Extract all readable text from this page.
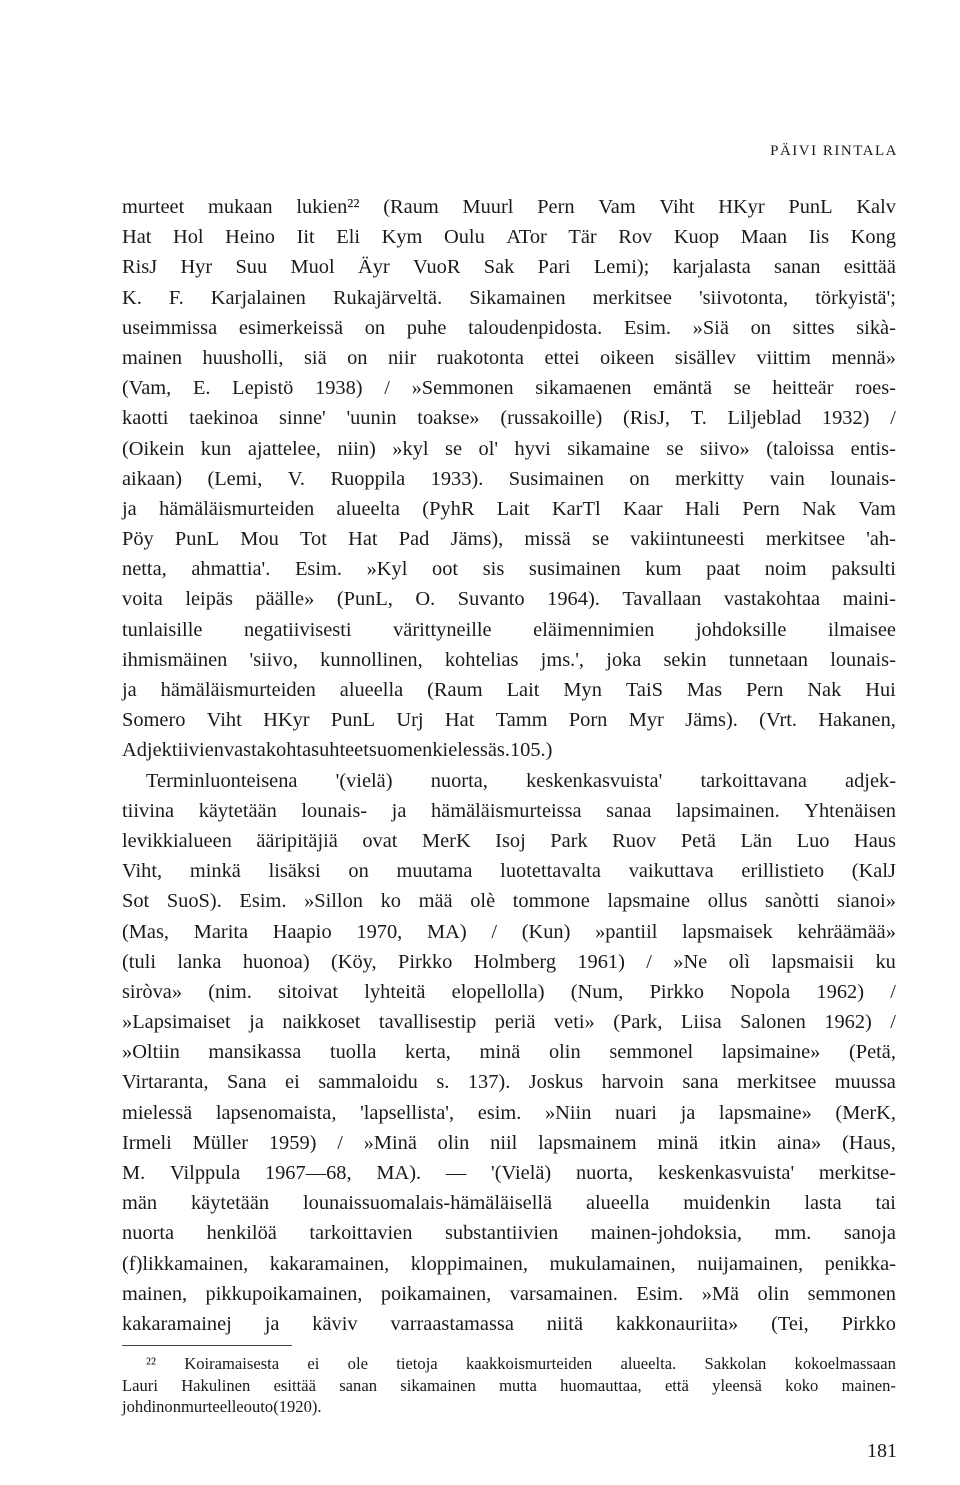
PÄIVI RINTALA
murteet mukaan lukien²² (Raum Muurl Pern Vam Viht HKyr PunL Kalv
Hat Hol Heino Iit Eli Kym Oulu ATor Tär Rov Kuop Maan Iis Kong
RisJ Hyr Suu Muol Äyr VuoR Sak Pari Lemi); karjalasta sanan esittää
K. F. Karjalainen Rukajärveltä. Sikamainen merkitsee 'siivotonta, törkyistä';
useimmissa esimerkeissä on puhe taloudenpidosta. Esim. »Siä on sittes sikà-
mainen huusholli, siä on niir ruakotonta ettei oikeen sisällev viittim mennä»
(Vam, E. Lepistö 1938) / »Semmonen sikamaenen emäntä se heitteär roes-
kaotti taekinoa sinne' 'uunin toakse» (russakoille) (RisJ, T. Liljeblad 1932) /
(Oikein kun ajattelee, niin) »kyl se ol' hyvi sikamaine se siivo» (taloissa entis-
aikaan) (Lemi, V. Ruoppila 1933). Susimainen on merkitty vain lounais-
ja hämäläismurteiden alueelta (PyhR Lait KarTl Kaar Hali Pern Nak Vam
Pöy PunL Mou Tot Hat Pad Jäms), missä se vakiintuneesti merkitsee 'ah-
netta, ahmattia'. Esim. »Kyl oot sis susimainen kum paat noim paksulti
voita leipäs päälle» (PunL, O. Suvanto 1964). Tavallaan vastakohtaa maini-
tunlaisille negatiivisesti värittyneille eläimennimien johdoksille ilmaisee
ihmismäinen 'siivo, kunnollinen, kohtelias jms.', joka sekin tunnetaan lounais-
ja hämäläismurteiden alueella (Raum Lait Myn TaiS Mas Pern Nak Hui
Somero Viht HKyr PunL Urj Hat Tamm Porn Myr Jäms). (Vrt. Hakanen,
Adjektiivien vastakohtasuhteet suomen kielessä s. 105.)
Terminluonteisena '(vielä) nuorta, keskenkasvuista' tarkoittavana adjek-
tiivina käytetään lounais- ja hämäläismurteissa sanaa lapsimainen. Yhtenäisen
levikkialueen ääripitäjiä ovat MerK Isoj Park Ruov Petä Län Luo Haus
Viht, minkä lisäksi on muutama luotettavalta vaikuttava erillistieto (KalJ
Sot SuoS). Esim. »Sillon ko mää olè tommone lapsmaine ollus sanòtti sianoi»
(Mas, Marita Haapio 1970, MA) / (Kun) »pantiil lapsmaisek kehräämää»
(tuli lanka huonoa) (Köy, Pirkko Holmberg 1961) / »Ne olì lapsmaisii ku
siròva» (nim. sitoivat lyhteitä elopellolla) (Num, Pirkko Nopola 1962) /
»Lapsimaiset ja naikkoset tavallisestip periä veti» (Park, Liisa Salonen 1962) /
»Oltiin mansikassa tuolla kerta, minä olin semmonel lapsimaine» (Petä,
Virtaranta, Sana ei sammaloidu s. 137). Joskus harvoin sana merkitsee muussa
mielessä lapsenomaista, 'lapsellista', esim. »Niin nuari ja lapsmaine» (MerK,
Irmeli Müller 1959) / »Minä olin niil lapsmainem minä itkin aina» (Haus,
M. Vilppula 1967—68, MA). — '(Vielä) nuorta, keskenkasvuista' merkitse-
män käytetään lounaissuomalais-hämäläisellä alueella muidenkin lasta tai
nuorta henkilöä tarkoittavien substantiivien mainen-johdoksia, mm. sanoja
(f)likkamainen, kakaramainen, kloppimainen, mukulamainen, nuijamainen, penikka-
mainen, pikkupoikamainen, poikamainen, varsamainen. Esim. »Mä olin semmonen
kakaramainej ja käviv varraastamassa niitä kakkonauriita» (Tei, Pirkko
²² Koiramaisesta ei ole tietoja kaakkoismurteiden alueelta. Sakkolan kokoelmassaan
Lauri Hakulinen esittää sanan sikamainen mutta huomauttaa, että yleensä koko mainen-
johdin on murteelle outo (1920).
181
